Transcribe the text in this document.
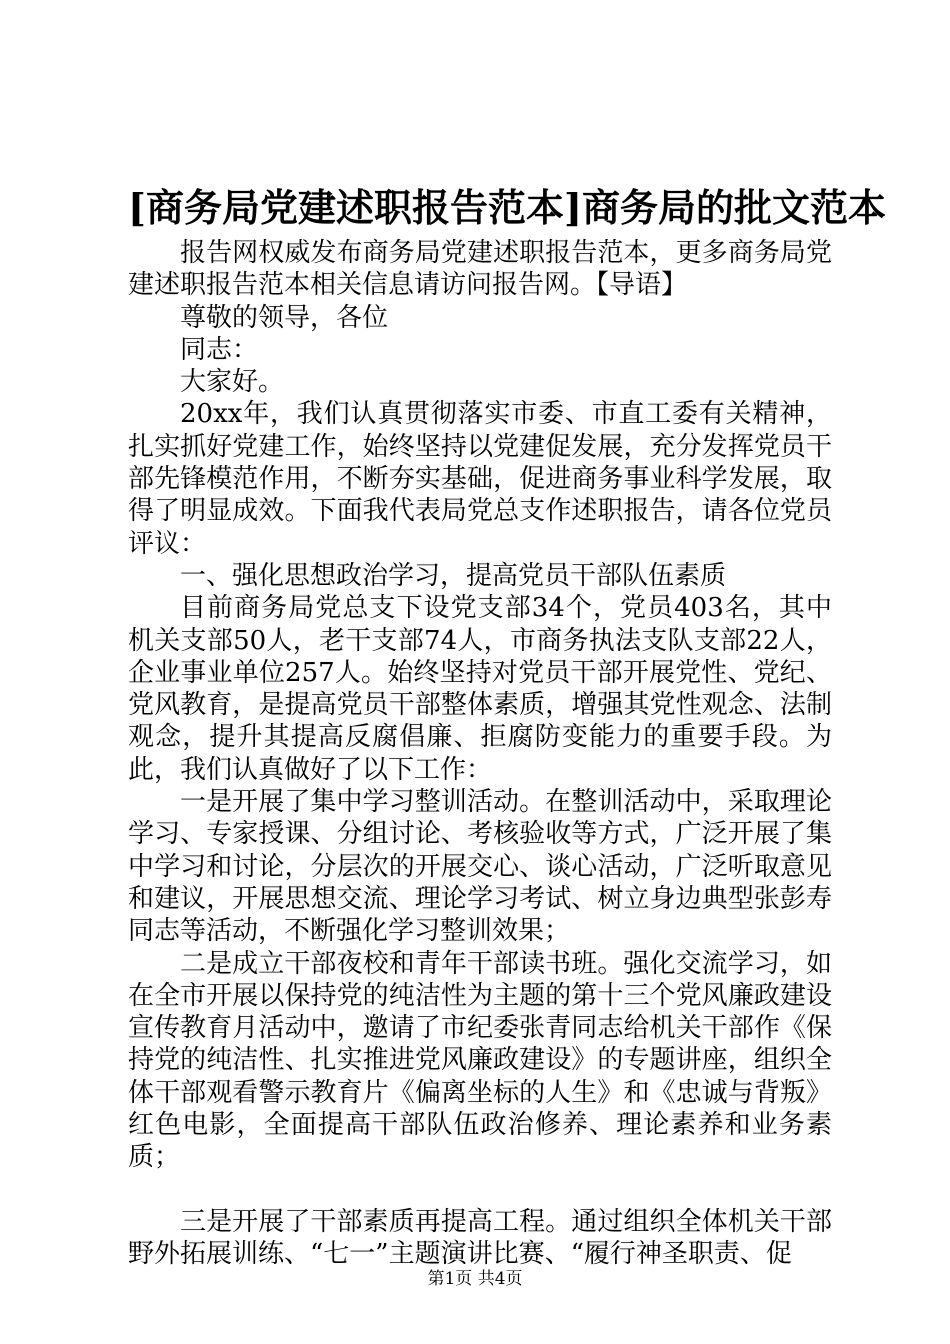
[商务局党建述职报告范本]商务局的批文范本

报告网权威发布商务局党建述职报告范本，更多商务局党建述职报告范本相关信息请访问报告网。【导语】

尊敬的领导，各位

同志：

大家好。

20xx年，我们认真贯彻落实市委、市直工委有关精神，扎实抓好党建工作，始终坚持以党建促发展，充分发挥党员干部先锋模范作用，不断夯实基础，促进商务事业科学发展，取得了明显成效。下面我代表局党总支作述职报告，请各位党员评议：

一、强化思想政治学习，提高党员干部队伍素质

目前商务局党总支下设党支部34个，党员403名，其中机关支部50人，老干支部74人，市商务执法支队支部22人，企业事业单位257人。始终坚持对党员干部开展党性、党纪、党风教育，是提高党员干部整体素质，增强其党性观念、法制观念，提升其提高反腐倡廉、拒腐防变能力的重要手段。为此，我们认真做好了以下工作：

一是开展了集中学习整训活动。在整训活动中，采取理论学习、专家授课、分组讨论、考核验收等方式，广泛开展了集中学习和讨论，分层次的开展交心、谈心活动，广泛听取意见和建议，开展思想交流、理论学习考试、树立身边典型张彭寿同志等活动，不断强化学习整训效果；

二是成立干部夜校和青年干部读书班。强化交流学习，如在全市开展以保持党的纯洁性为主题的第十三个党风廉政建设宣传教育月活动中，邀请了市纪委张青同志给机关干部作《保持党的纯洁性、扎实推进党风廉政建设》的专题讲座，组织全体干部观看警示教育片《偏离坐标的人生》和《忠诚与背叛》红色电影，全面提高干部队伍政治修养、理论素养和业务素质；

三是开展了干部素质再提高工程。通过组织全体机关干部野外拓展训练、“七一”主题演讲比赛、“履行神圣职责、促

第1页 共4页
